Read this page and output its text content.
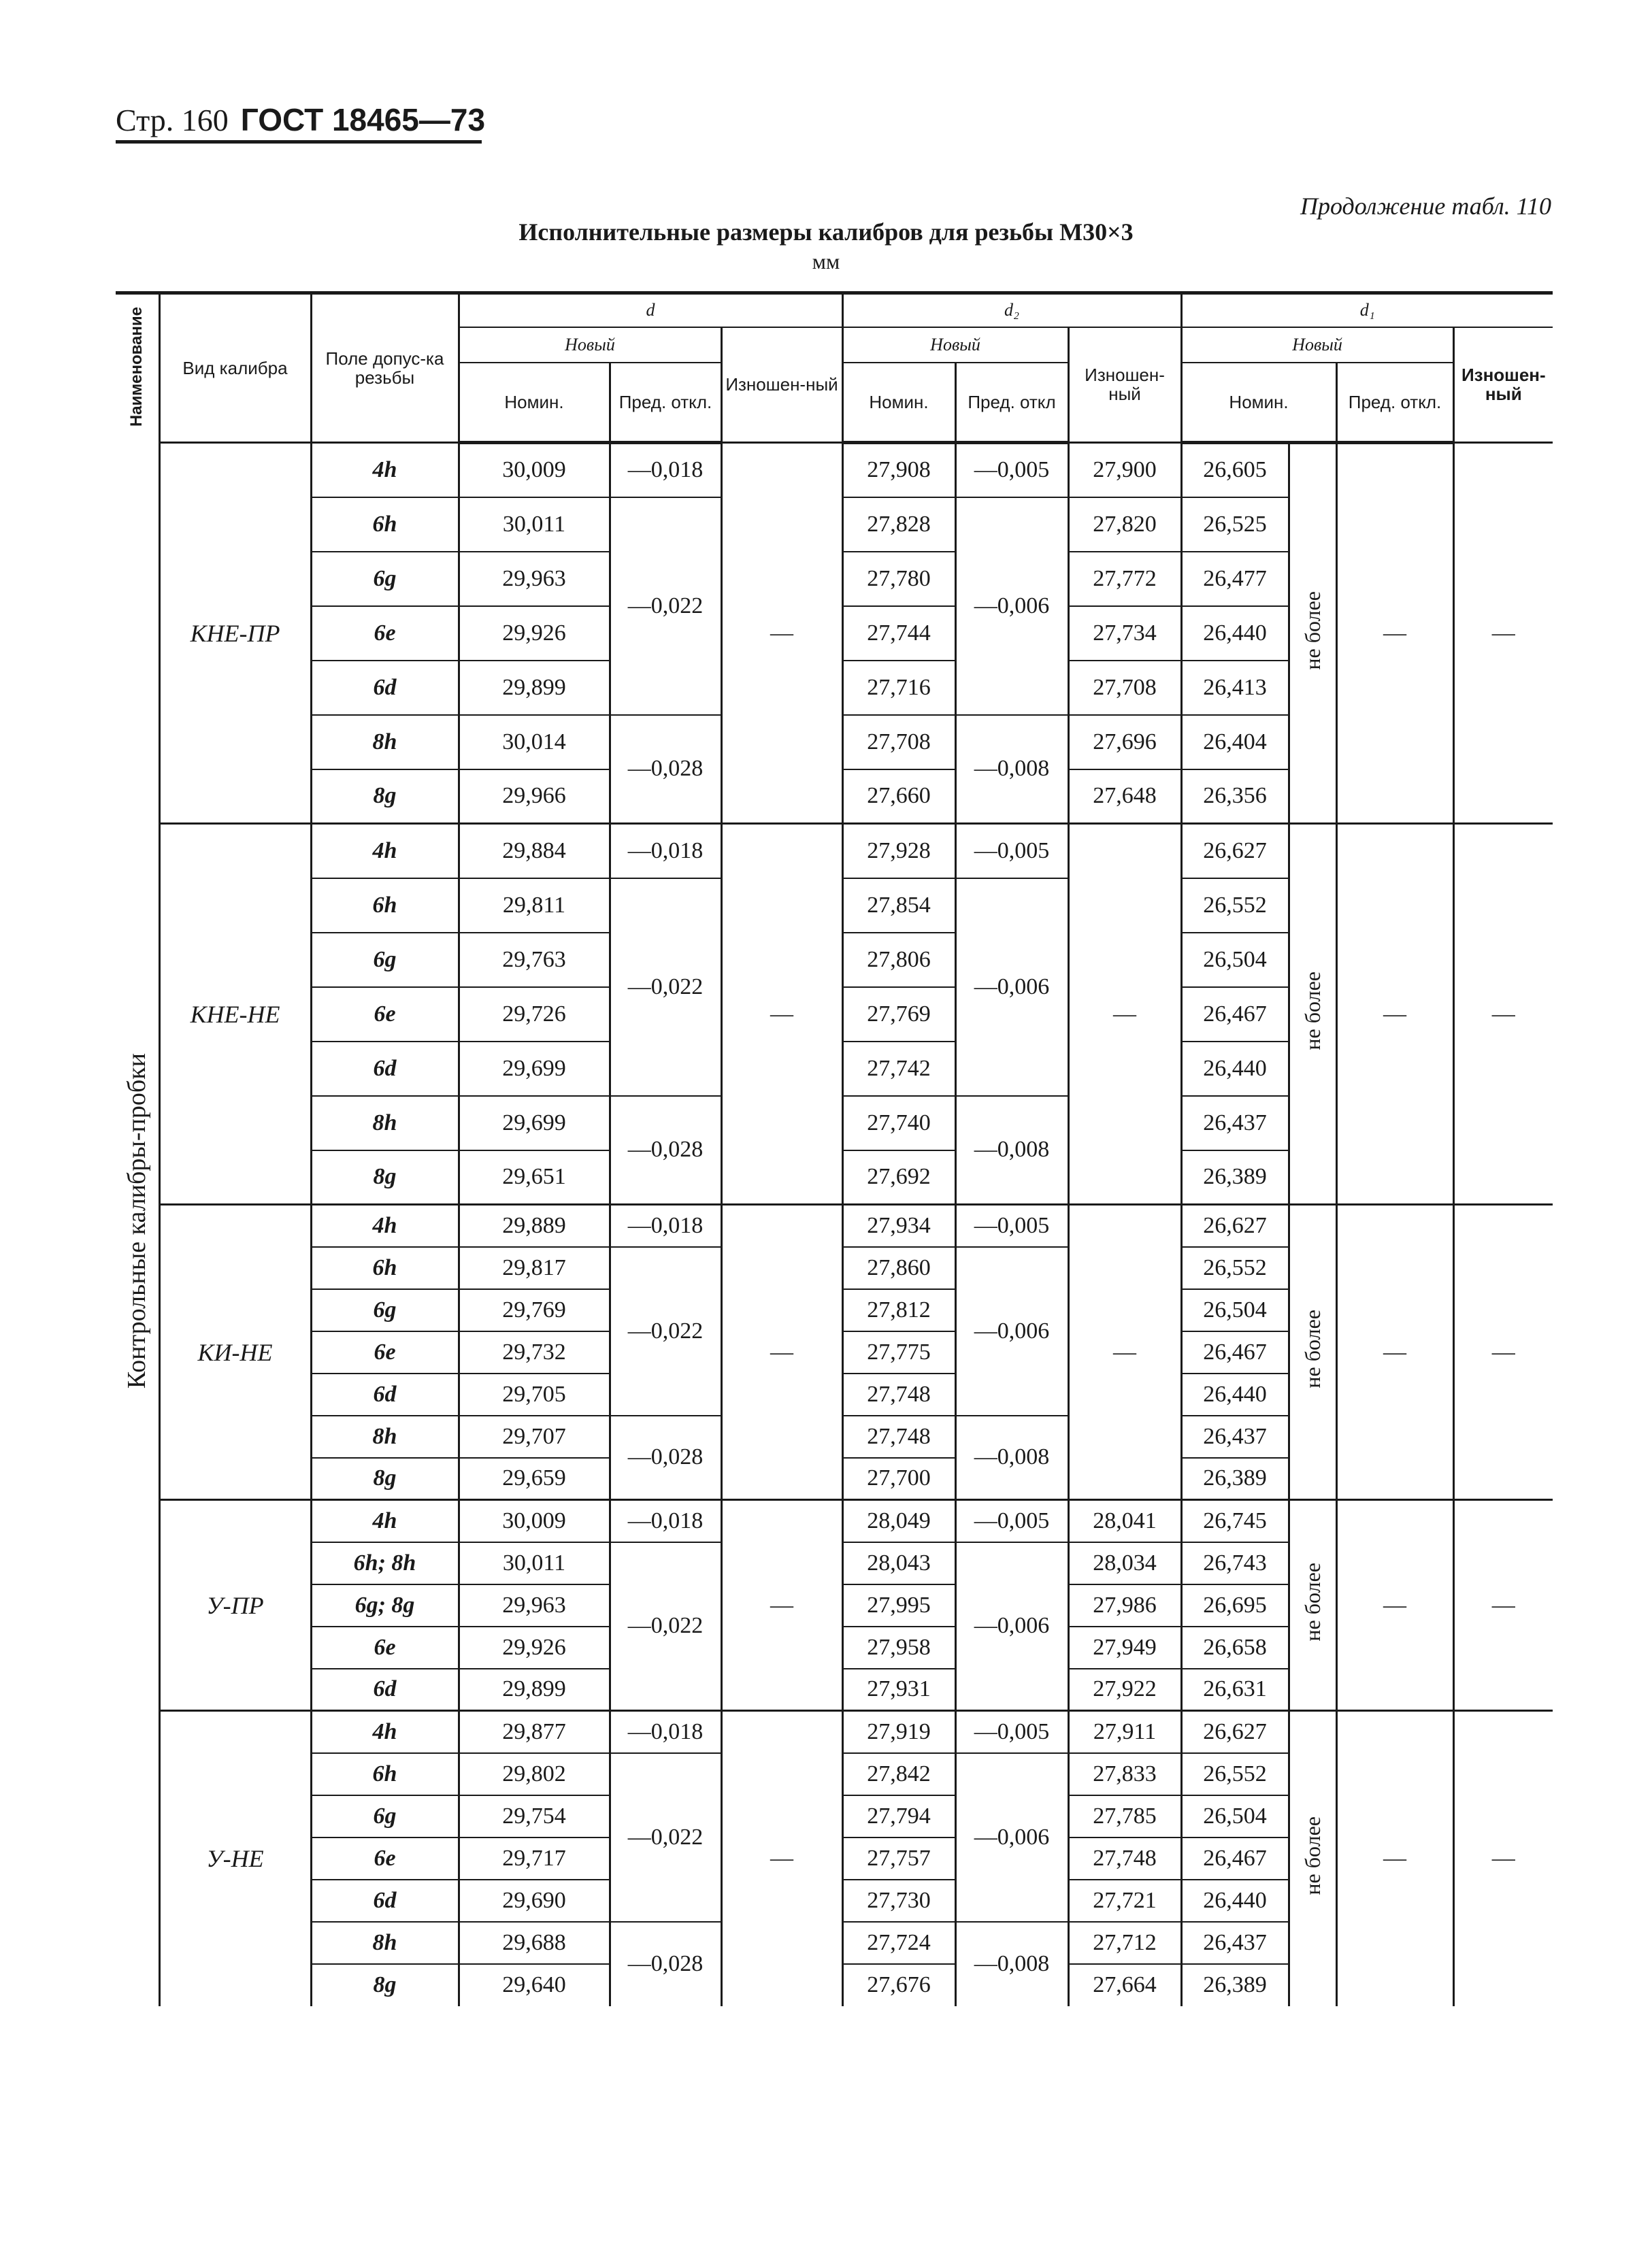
Стр. 160 ГОСТ 18465—73
Продолжение табл. 110
Исполнительные размеры калибров для резьбы М30×3
мм
Наименование	Вид калибра	Поле допус-ка резьбы	d			d₂			d₁			
			Новый		Изношен-ный	Новый		Изношен-ный	Новый			Изношен-ный
			Номин.	Пред. откл.		Номин.	Пред. откл		Номин.		Пред. откл.	
Контрольные калибры-пробки	КНЕ-ПР	4h	30,009	—0,018	—	27,908	—0,005	27,900	26,605	не более	—	—
		6h	30,011	—0,022		27,828	—0,006	27,820	26,525			
		6g	29,963			27,780		27,772	26,477			
		6e	29,926			27,744		27,734	26,440			
		6d	29,899			27,716		27,708	26,413			
		8h	30,014	—0,028		27,708	—0,008	27,696	26,404			
		8g	29,966			27,660		27,648	26,356			
	КНЕ-НЕ	4h	29,884	—0,018	—	27,928	—0,005	—	26,627	не более	—	—
		6h	29,811	—0,022		27,854	—0,006		26,552			
		6g	29,763			27,806			26,504			
		6e	29,726			27,769			26,467			
		6d	29,699			27,742			26,440			
		8h	29,699	—0,028		27,740	—0,008		26,437			
		8g	29,651			27,692			26,389			
	КИ-НЕ	4h	29,889	—0,018	—	27,934	—0,005	—	26,627	не более	—	—
		6h	29,817	—0,022		27,860	—0,006		26,552			
		6g	29,769			27,812			26,504			
		6e	29,732			27,775			26,467			
		6d	29,705			27,748			26,440			
		8h	29,707	—0,028		27,748	—0,008		26,437			
		8g	29,659			27,700			26,389			
	У-ПР	4h	30,009	—0,018	—	28,049	—0,005	28,041	26,745	не более	—	—
		6h; 8h	30,011	—0,022		28,043	—0,006	28,034	26,743			
		6g; 8g	29,963			27,995		27,986	26,695			
		6e	29,926			27,958		27,949	26,658			
		6d	29,899			27,931		27,922	26,631			
	У-НЕ	4h	29,877	—0,018	—	27,919	—0,005	27,911	26,627	не более	—	—
		6h	29,802	—0,022		27,842	—0,006	27,833	26,552			
		6g	29,754			27,794		27,785	26,504			
		6e	29,717			27,757		27,748	26,467			
		6d	29,690			27,730		27,721	26,440			
		8h	29,688	—0,028		27,724	—0,008	27,712	26,437			
		8g	29,640			27,676		27,664	26,389			
